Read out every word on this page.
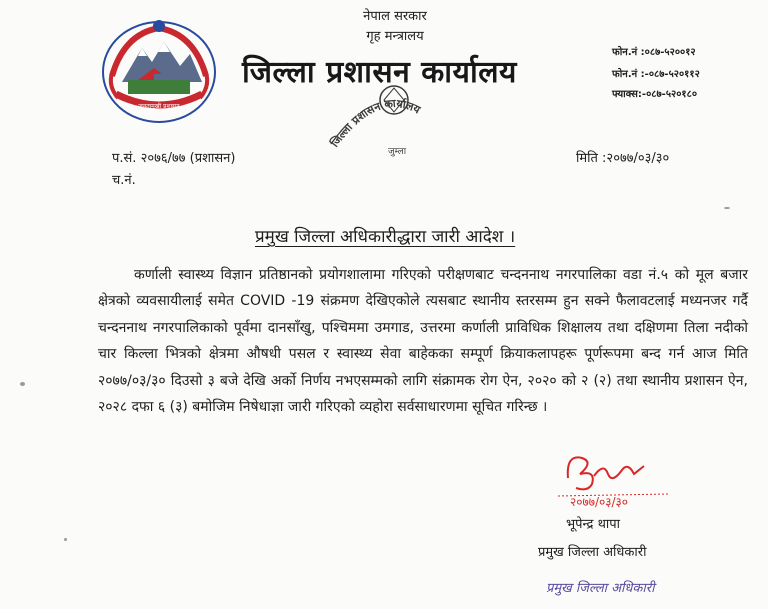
जनतामुखी प्रशासन
नेपाल सरकार
गृह मन्त्रालय
जिल्ला प्रशासन कार्यालय
फोन.नं :०८७-५२००१२
फोन.नं :-०८७-५२०११२
फ्याक्स:-०८७-५२०१८०
जिल्ला प्रशासन कार्यालय
जुम्ला
प.सं. २०७६/७७ (प्रशासन)
च.नं.
मिति :२०७७/०३/३०
प्रमुख जिल्ला अधिकारीद्धारा जारी आदेश ।

कर्णाली स्वास्थ्य विज्ञान प्रतिष्ठानको प्रयोगशालामा गरिएको परीक्षणबाट चन्दननाथ नगरपालिका वडा नं.५ को मूल बजार क्षेत्रको व्यवसायीलाई समेत COVID -19 संक्रमण देखिएकोले त्यसबाट स्थानीय स्तरसम्म हुन सक्ने फैलावटलाई मध्यनजर गर्दै चन्दननाथ नगरपालिकाको पूर्वमा दानसाँखु, पश्चिममा उमगाड, उत्तरमा कर्णाली प्राविधिक शिक्षालय तथा दक्षिणमा तिला नदीको चार किल्ला भित्रको क्षेत्रमा औषधी पसल र स्वास्थ्य सेवा बाहेकका सम्पूर्ण क्रियाकलापहरू पूर्णरूपमा बन्द गर्न आज मिति २०७७/०३/३० दिउसो ३ बजे देखि अर्को निर्णय नभएसम्मको लागि संक्रामक रोग ऐन, २०२० को २ (२) तथा स्थानीय प्रशासन ऐन, २०२८ दफा ६ (३) बमोजिम निषेधाज्ञा जारी गरिएको व्यहोरा सर्वसाधारणमा सूचित गरिन्छ ।

२०७७/०३/३०
भूपेन्द्र थापा
प्रमुख जिल्ला अधिकारी
प्रमुख जिल्ला अधिकारी
